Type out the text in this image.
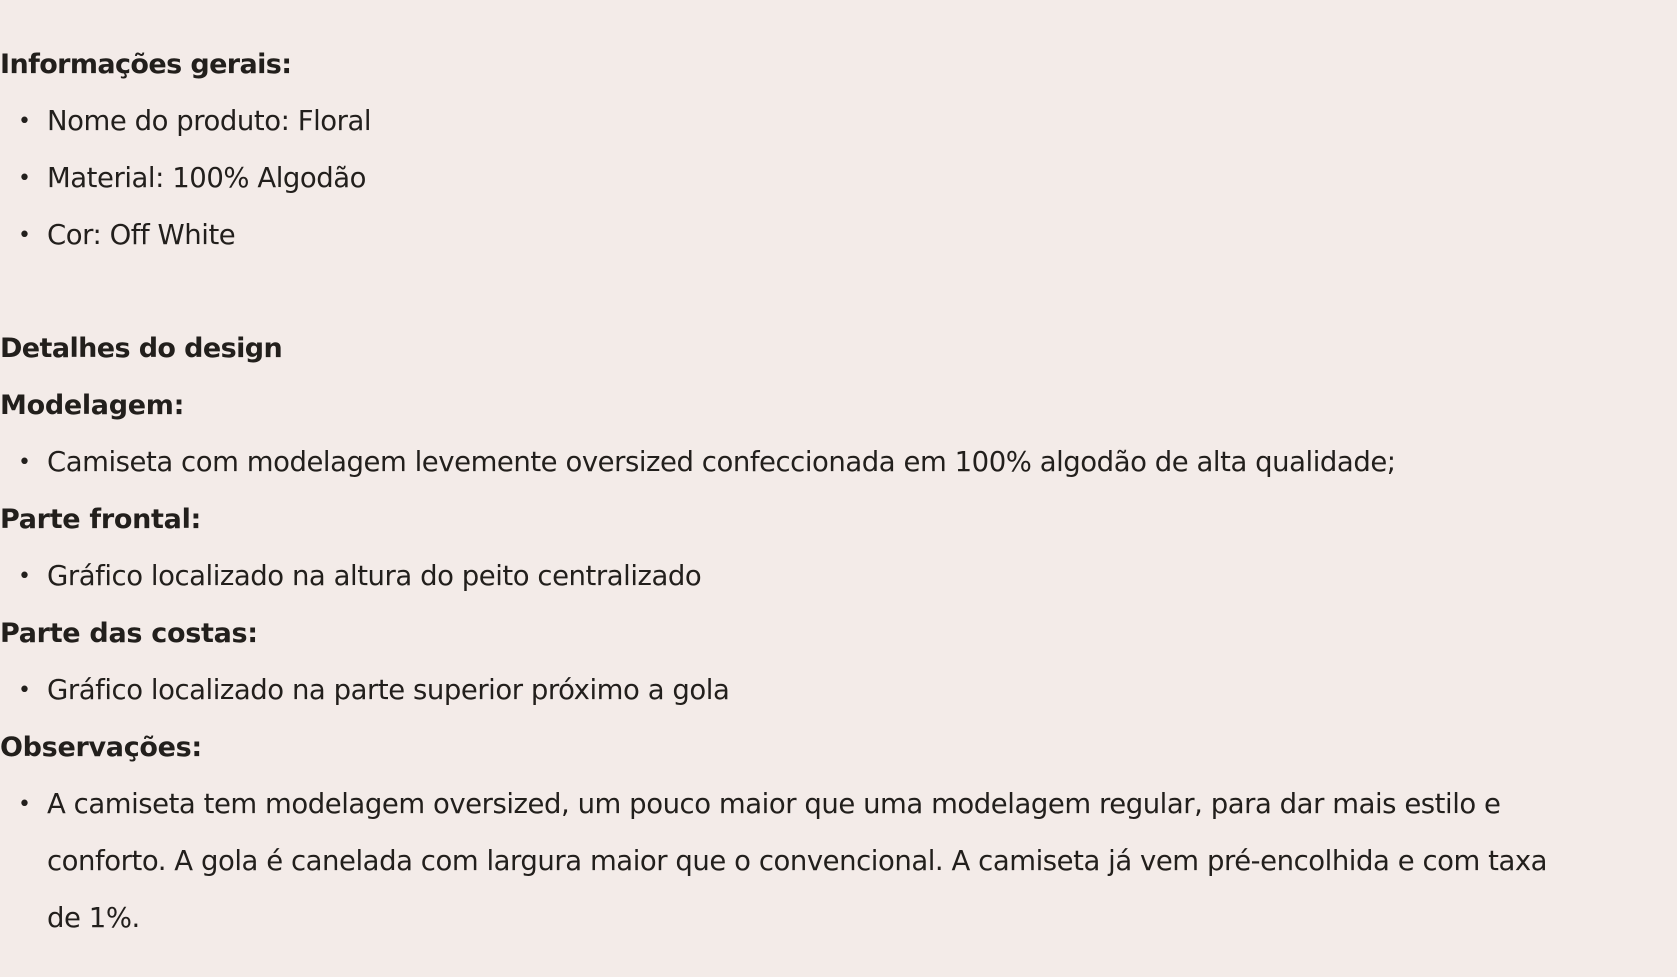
Informações gerais:
• Nome do produto: Floral
• Material: 100% Algodão
• Cor: Off White
Detalhes do design
Modelagem:
• Camiseta com modelagem levemente oversized confeccionada em 100% algodão de alta qualidade;
Parte frontal:
• Gráfico localizado na altura do peito centralizado
Parte das costas:
• Gráfico localizado na parte superior próximo a gola
Observações:
• A camiseta tem modelagem oversized, um pouco maior que uma modelagem regular, para dar mais estilo e conforto. A gola é canelada com largura maior que o convencional. A camiseta já vem pré-encolhida e com taxa de 1%.
